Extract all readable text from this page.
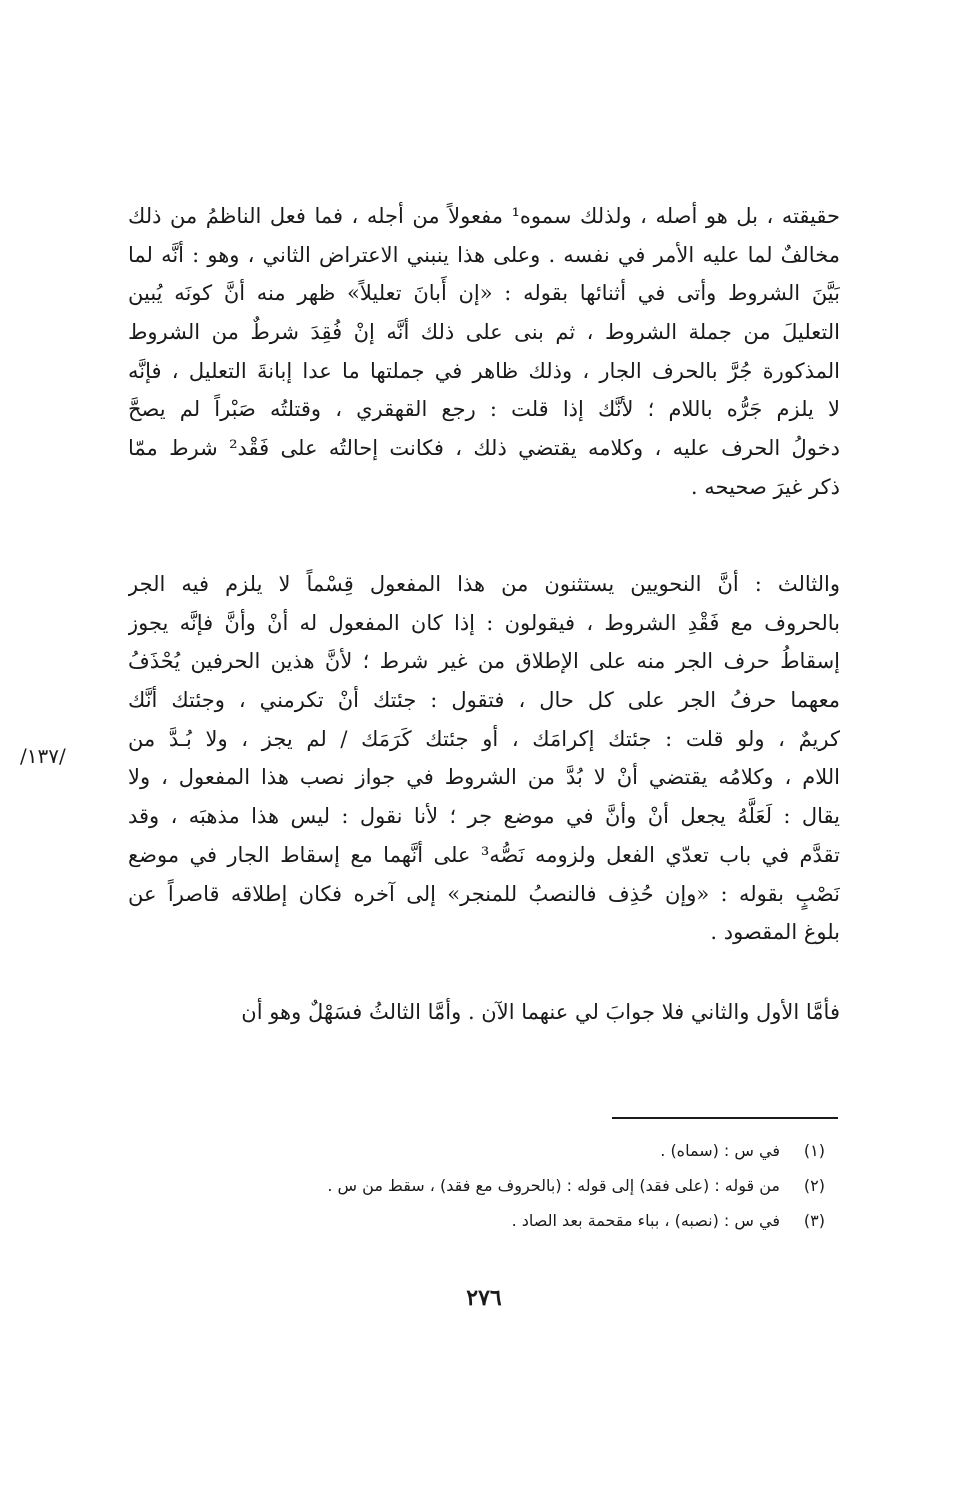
حقيقته ، بل هو أصله ، ولذلك سموه¹ مفعولاً من أجله ، فما فعل الناظمُ من ذلك
مخالفٌ لما عليه الأمر في نفسه . وعلى هذا ينبني الاعتراض الثاني ، وهو : أنَّه لما
بَيَّنَ الشروط وأتى في أثنائها بقوله : «إن أَبانَ تعليلاً» ظهر منه أنَّ كونَه يُبين
التعليلَ من جملة الشروط ، ثم بنى على ذلك أنَّه إنْ فُقِدَ شرطٌ من الشروط
المذكورة جُرَّ بالحرف الجار ، وذلك ظاهر في جملتها ما عدا إبانةَ التعليل ، فإنَّه
لا يلزم جَرُّه باللام ؛ لأنَّك إذا قلت : رجع القهقري ، وقتلتُه صَبْراً لم يصحَّ
دخولُ الحرف عليه ، وكلامه يقتضي ذلك ، فكانت إحالتُه على فَقْد² شرط ممّا
ذكر غيرَ صحيحه .
والثالث : أنَّ النحويين يستثنون من هذا المفعول قِسْماً لا يلزم فيه الجر
بالحروف مع فَقْدِ الشروط ، فيقولون : إذا كان المفعول له أنْ وأنَّ فإنَّه يجوز
إسقاطُ حرف الجر منه على الإطلاق من غير شرط ؛ لأنَّ هذين الحرفين يُحْذَفُ
معهما حرفُ الجر على كل حال ، فتقول : جئتك أنْ تكرمني ، وجئتك أنَّك
كريمٌ ، ولو قلت : جئتك إكرامَك ، أو جئتك كَرَمَك / لم يجز ، ولا بُـدَّ من
اللام ، وكلامُه يقتضي أنْ لا بُدَّ من الشروط في جواز نصب هذا المفعول ، ولا
يقال : لَعَلَّهُ يجعل أنْ وأنَّ في موضع جر ؛ لأنا نقول : ليس هذا مذهبَه ، وقد
تقدَّم في باب تعدّي الفعل ولزومه نَصُّه³ على أنَّهما مع إسقاط الجار في موضع
نَصْبٍ بقوله : «وإن حُذِف فالنصبُ للمنجر» إلى آخره فكان إطلاقه قاصراً عن
بلوغ المقصود .
فأمَّا الأول والثاني فلا جوابَ لي عنهما الآن . وأمَّا الثالثُ فسَهْلٌ وهو أن
/١٣٧/
(١)
في س : (سماه) .
(٢)
من قوله : (على فقد) إلى قوله : (بالحروف مع فقد) ، سقط من س .
(٣)
في س : (نصبه) ، بباء مقحمة بعد الصاد .
٢٧٦
